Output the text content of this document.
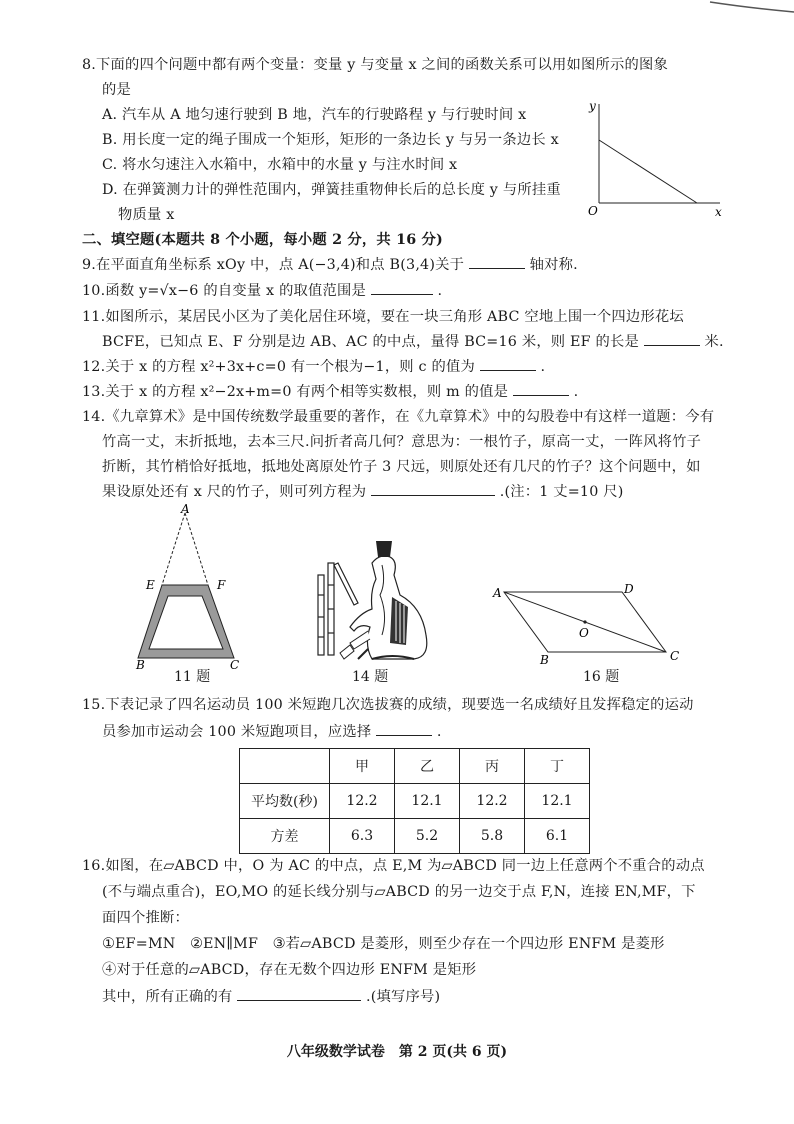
8.下面的四个问题中都有两个变量：变量 y 与变量 x 之间的函数关系可以用如图所示的图象
的是
A. 汽车从 A 地匀速行驶到 B 地，汽车的行驶路程 y 与行驶时间 x
B. 用长度一定的绳子围成一个矩形，矩形的一条边长 y 与另一条边长 x
C. 将水匀速注入水箱中，水箱中的水量 y 与注水时间 x
D. 在弹簧测力计的弹性范围内，弹簧挂重物伸长后的总长度 y 与所挂重
物质量 x
y
x
O
二、填空题(本题共 8 个小题，每小题 2 分，共 16 分)
9.在平面直角坐标系 xOy 中，点 A(−3,4)和点 B(3,4)关于	轴对称.
10.函数 y=√x−6 的自变量 x 的取值范围是	.
11.如图所示，某居民小区为了美化居住环境，要在一块三角形 ABC 空地上围一个四边形花坛
BCFE，已知点 E、F 分别是边 AB、AC 的中点，量得 BC=16 米，则 EF 的长是	米.
12.关于 x 的方程 x²+3x+c=0 有一个根为−1，则 c 的值为	.
13.关于 x 的方程 x²−2x+m=0 有两个相等实数根，则 m 的值是	.
14.《九章算术》是中国传统数学最重要的著作，在《九章算术》中的勾股卷中有这样一道题：今有
竹高一丈，末折抵地，去本三尺.问折者高几何？意思为：一根竹子，原高一丈，一阵风将竹子
折断，其竹梢恰好抵地，抵地处离原处竹子 3 尺远，则原处还有几尺的竹子？这个问题中，如
果设原处还有 x 尺的竹子，则可列方程为	.(注：1 丈=10 尺)
A
E	F
B	C
11 题	14 题
A	D
O
B	C
16 题
15.下表记录了四名运动员 100 米短跑几次选拔赛的成绩，现要选一名成绩好且发挥稳定的运动
员参加市运动会 100 米短跑项目，应选择	.
	甲	乙	丙	丁
平均数(秒)	12.2	12.1	12.2	12.1
方差	6.3	5.2	5.8	6.1
16.如图，在▱ABCD 中，O 为 AC 的中点，点 E,M 为▱ABCD 同一边上任意两个不重合的动点
(不与端点重合)，EO,MO 的延长线分别与▱ABCD 的另一边交于点 F,N，连接 EN,MF，下
面四个推断：
①EF=MN　②EN∥MF　③若▱ABCD 是菱形，则至少存在一个四边形 ENFM 是菱形
④对于任意的▱ABCD，存在无数个四边形 ENFM 是矩形
其中，所有正确的有	.(填写序号)
八年级数学试卷　第 2 页(共 6 页)
